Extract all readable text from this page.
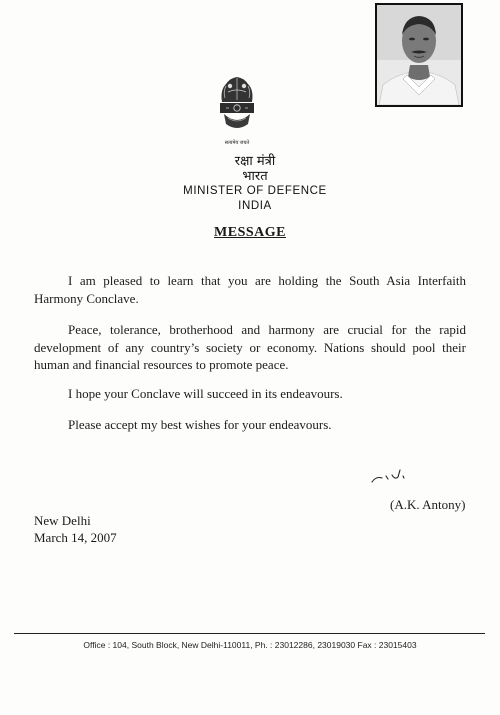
सत्यमेव जयते
रक्षा मंत्री
भारत
MINISTER OF DEFENCE
INDIA
MESSAGE
I am pleased to learn that you are holding the South Asia Interfaith Harmony Conclave.
Peace, tolerance, brotherhood and harmony are crucial for the rapid development of any country’s society or economy. Nations should pool their human and financial resources to promote peace.
I hope your Conclave will succeed in its endeavours.
Please accept my best wishes for your endeavours.
(A.K. Antony)
New Delhi
March 14, 2007
Office : 104, South Block, New Delhi-110011, Ph. : 23012286, 23019030 Fax : 23015403
